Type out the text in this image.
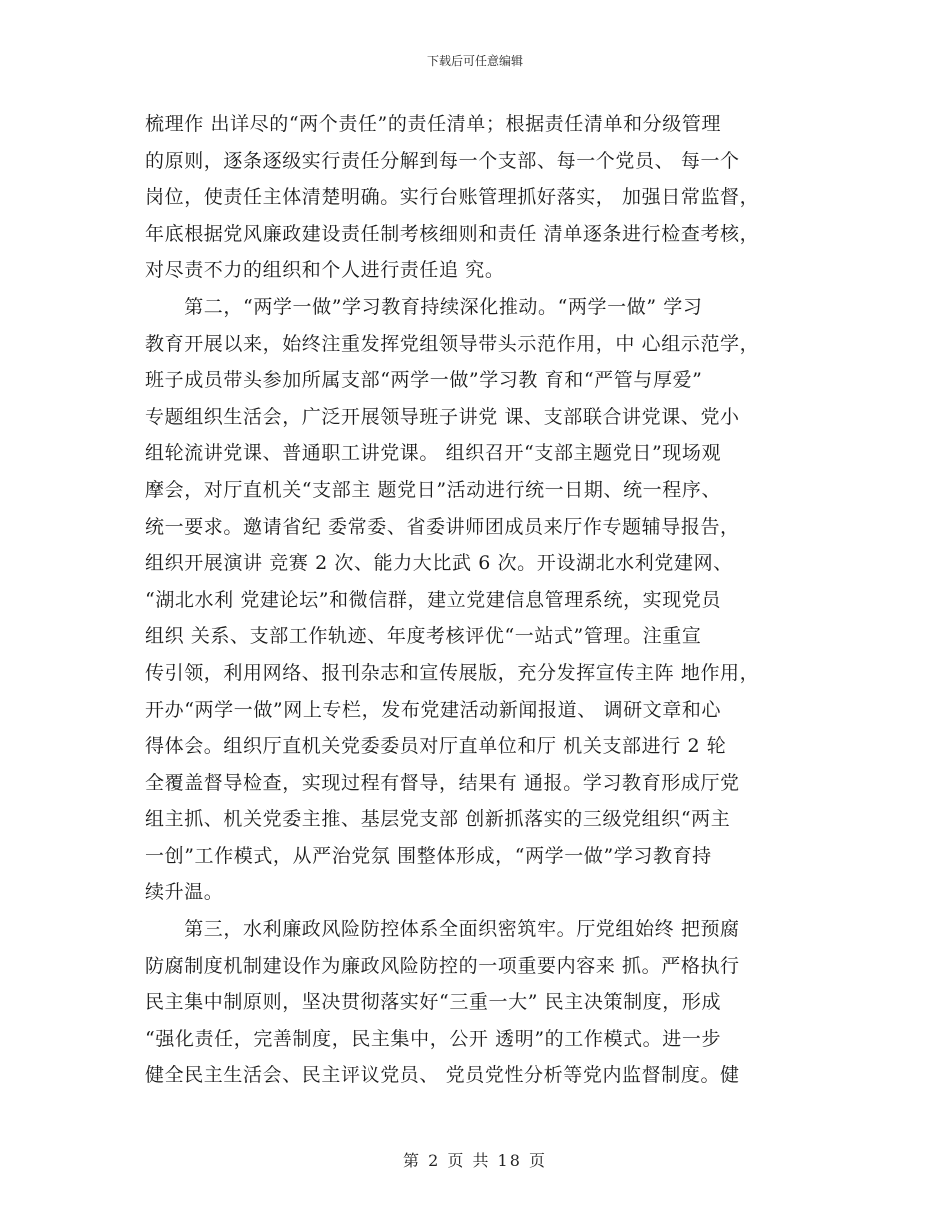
下载后可任意编辑
梳理作 出详尽的“两个责任”的责任清单；根据责任清单和分级管理
的原则，逐条逐级实行责任分解到每一个支部、每一个党员、 每一个
岗位，使责任主体清楚明确。实行台账管理抓好落实， 加强日常监督，
年底根据党风廉政建设责任制考核细则和责任 清单逐条进行检查考核，
对尽责不力的组织和个人进行责任追 究。
　　第二，“两学一做”学习教育持续深化推动。“两学一做” 学习
教育开展以来，始终注重发挥党组领导带头示范作用，中 心组示范学，
班子成员带头参加所属支部“两学一做”学习教 育和“严管与厚爱”
专题组织生活会，广泛开展领导班子讲党 课、支部联合讲党课、党小
组轮流讲党课、普通职工讲党课。 组织召开“支部主题党日”现场观
摩会，对厅直机关“支部主 题党日”活动进行统一日期、统一程序、
统一要求。邀请省纪 委常委、省委讲师团成员来厅作专题辅导报告，
组织开展演讲 竞赛 2 次、能力大比武 6 次。开设湖北水利党建网、
“湖北水利 党建论坛”和微信群，建立党建信息管理系统，实现党员
组织 关系、支部工作轨迹、年度考核评优“一站式”管理。注重宣
传引领，利用网络、报刊杂志和宣传展版，充分发挥宣传主阵 地作用，
开办“两学一做”网上专栏，发布党建活动新闻报道、 调研文章和心
得体会。组织厅直机关党委委员对厅直单位和厅 机关支部进行 2 轮
全覆盖督导检查，实现过程有督导，结果有 通报。学习教育形成厅党
组主抓、机关党委主推、基层党支部 创新抓落实的三级党组织“两主
一创”工作模式，从严治党氛 围整体形成，“两学一做”学习教育持
续升温。
　　第三，水利廉政风险防控体系全面织密筑牢。厅党组始终 把预腐
防腐制度机制建设作为廉政风险防控的一项重要内容来 抓。严格执行
民主集中制原则，坚决贯彻落实好“三重一大” 民主决策制度，形成
“强化责任，完善制度，民主集中，公开 透明”的工作模式。进一步
健全民主生活会、民主评议党员、 党员党性分析等党内监督制度。健
第 2 页 共 18 页
